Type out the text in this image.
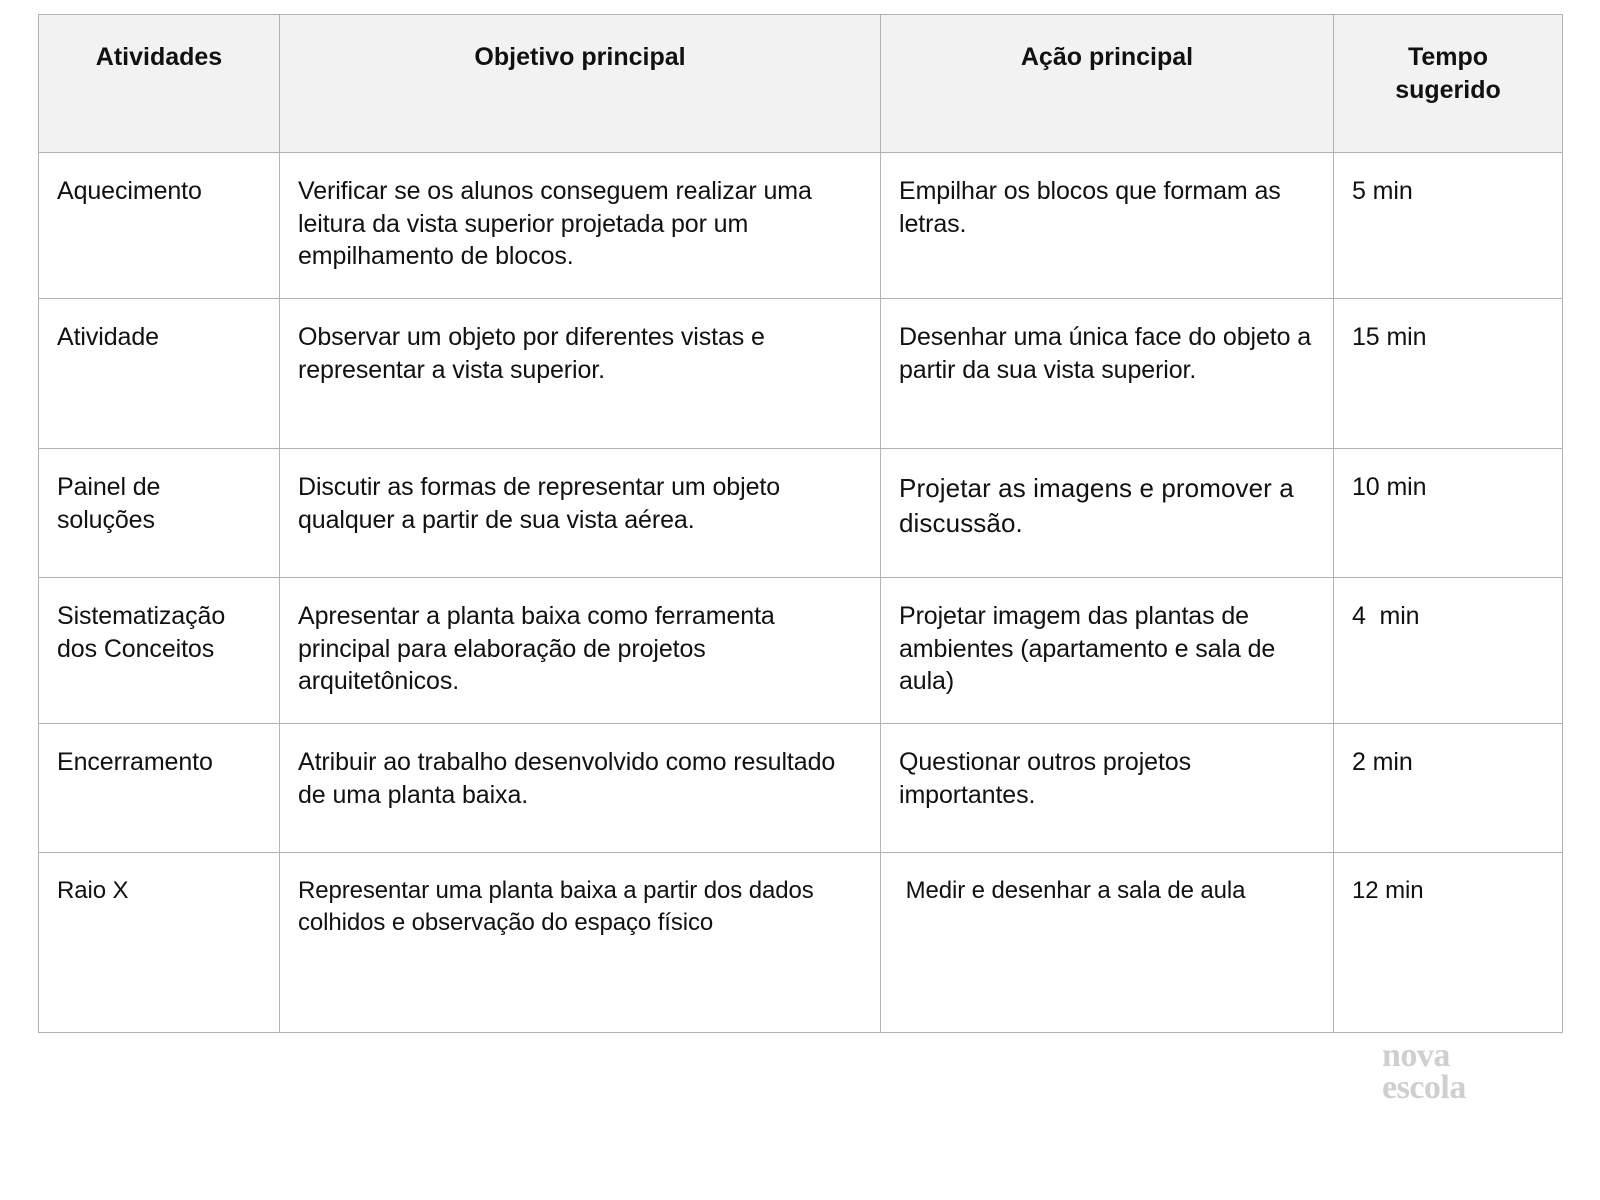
Atividades	Objetivo principal	Ação principal	Tempo sugerido
Aquecimento	Verificar se os alunos conseguem realizar uma leitura da vista superior projetada por um empilhamento de blocos.	Empilhar os blocos que formam as letras.	5 min
Atividade	Observar um objeto por diferentes vistas e representar a vista superior.	Desenhar uma única face do objeto a partir da sua vista superior.	15 min
Painel de soluções	Discutir as formas de representar um objeto qualquer a partir de sua vista aérea.	Projetar as imagens e promover a discussão.	10 min
Sistematização dos Conceitos	Apresentar a planta baixa como ferramenta principal para elaboração de projetos arquitetônicos.	Projetar imagem das plantas de ambientes (apartamento e sala de aula)	4  min
Encerramento	Atribuir ao trabalho desenvolvido como resultado de uma planta baixa.	Questionar outros projetos importantes.	2 min
Raio X	Representar uma planta baixa a partir dos dados colhidos e observação do espaço físico	Medir e desenhar a sala de aula	12 min
nova
escola
